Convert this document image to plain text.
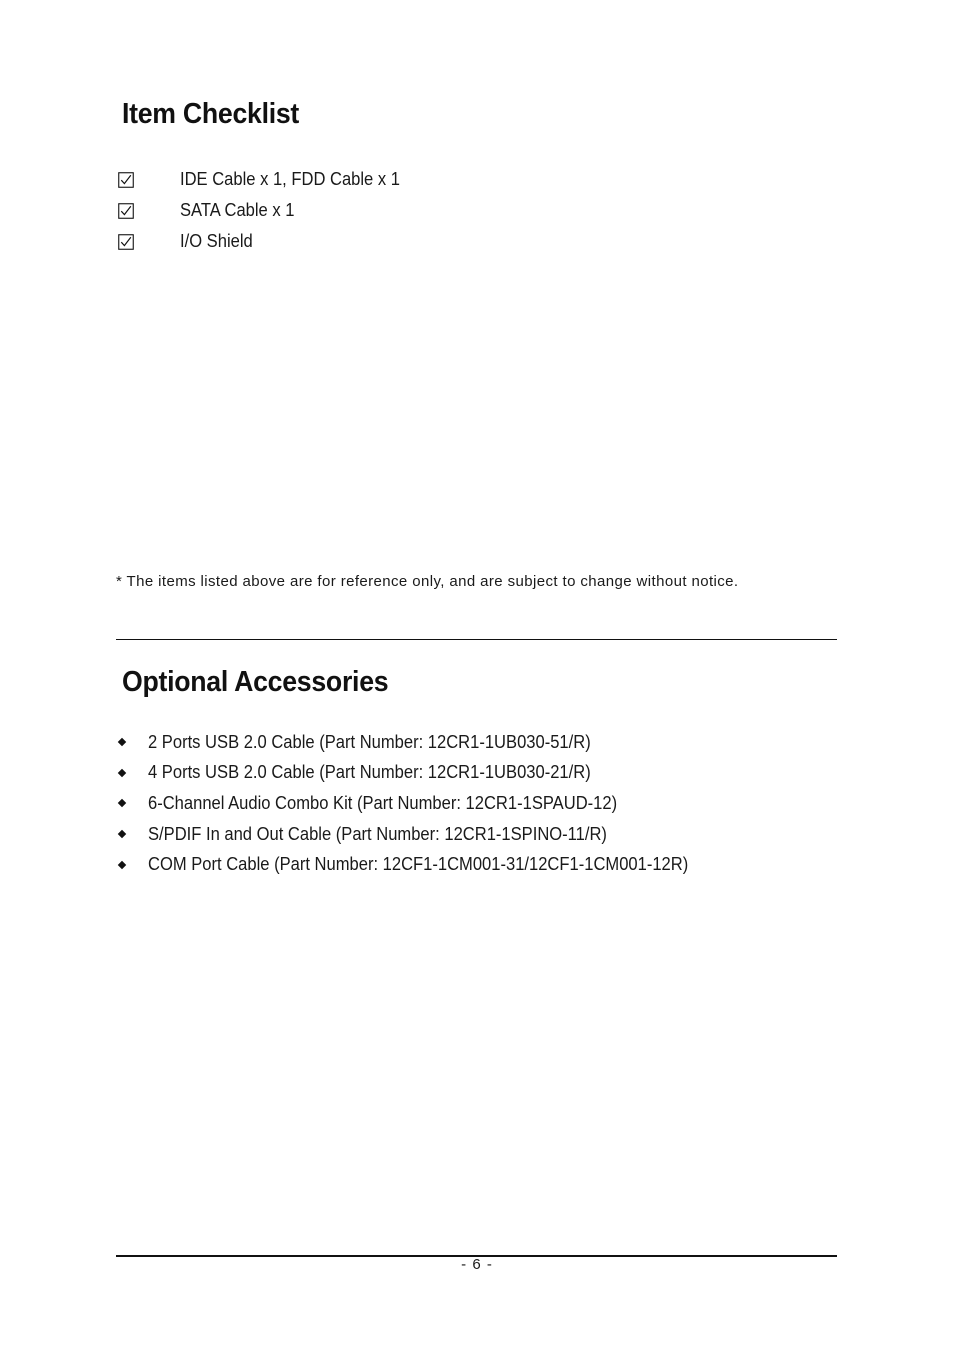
Item Checklist
IDE Cable x 1, FDD Cable x 1
SATA Cable x 1
I/O Shield
* The items listed above are for reference only, and are subject to change without notice.
Optional Accessories
2 Ports USB 2.0 Cable (Part Number: 12CR1-1UB030-51/R)
4 Ports USB 2.0 Cable (Part Number: 12CR1-1UB030-21/R)
6-Channel Audio Combo Kit (Part Number: 12CR1-1SPAUD-12)
S/PDIF In and Out Cable (Part Number: 12CR1-1SPINO-11/R)
COM Port Cable (Part Number: 12CF1-1CM001-31/12CF1-1CM001-12R)
- 6 -
